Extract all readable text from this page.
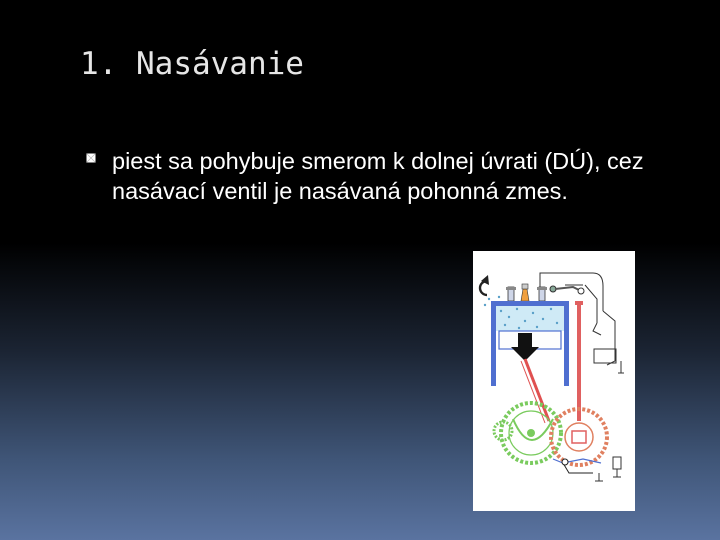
1. Nasávanie
piest sa pohybuje smerom k dolnej úvrati (DÚ), cez nasávací ventil je nasávaná pohonná zmes.
